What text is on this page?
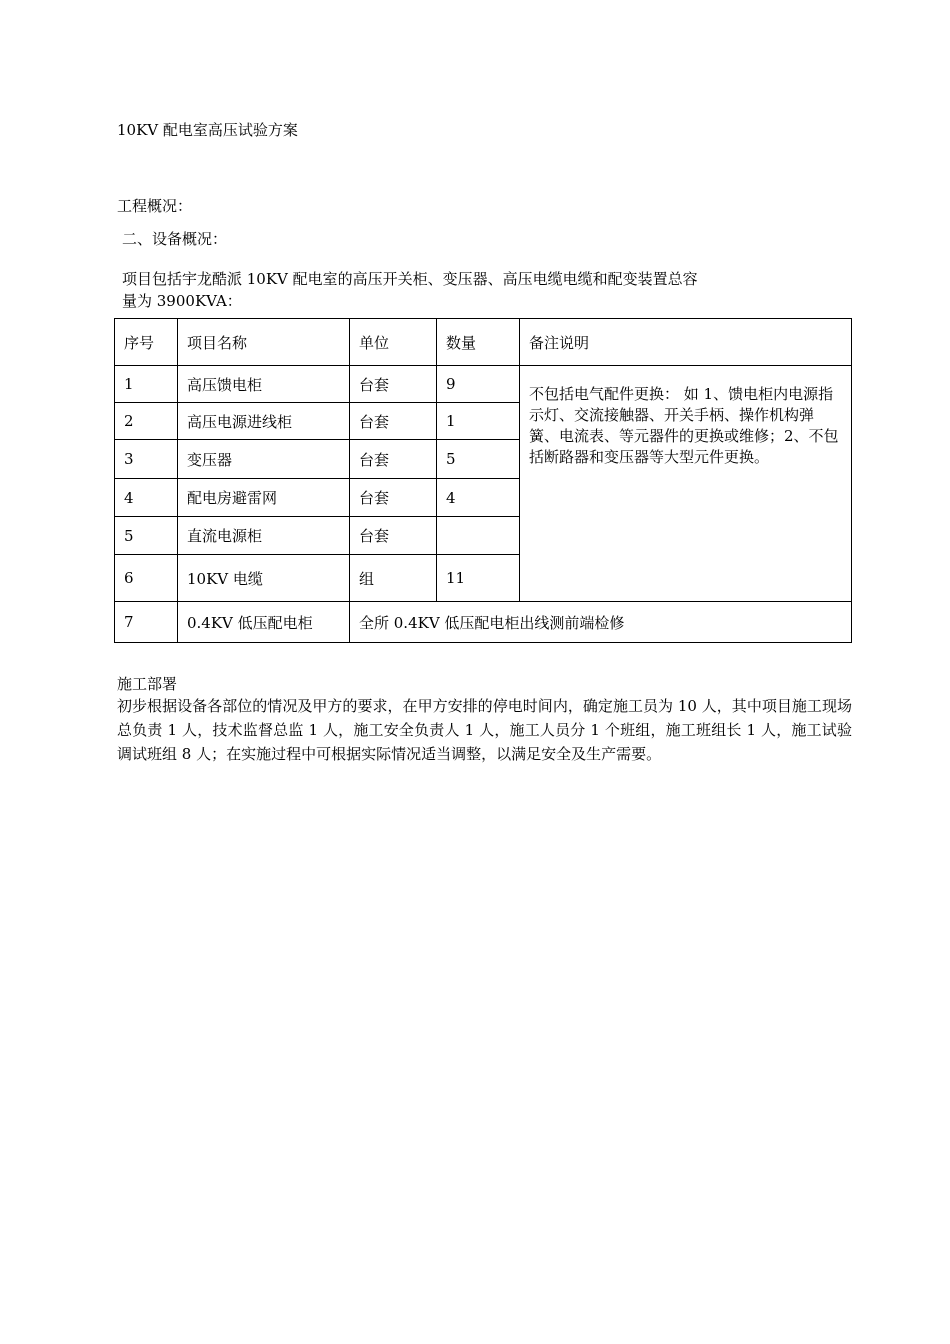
10KV 配电室高压试验方案
工程概况：
二、设备概况：
项目包括宇龙酷派 10KV 配电室的高压开关柜、变压器、高压电缆电缆和配变装置总容
量为 3900KVA：
序号	项目名称	单位	数量	备注说明
1	高压馈电柜	台套	9	不包括电气配件更换： 如 1、馈电柜内电源指示灯、交流接触器、开关手柄、操作机构弹簧、电流表、等元器件的更换或维修；2、不包括断路器和变压器等大型元件更换。
2	高压电源进线柜	台套	1	
3	变压器	台套	5	
4	配电房避雷网	台套	4	
5	直流电源柜	台套		
6	10KV 电缆	组	11	
7	0.4KV 低压配电柜	全所 0.4KV 低压配电柜出线测前端检修		
施工部署
初步根据设备各部位的情况及甲方的要求，在甲方安排的停电时间内，确定施工员为 10 人，其中项目施工现场总负责 1 人，技术监督总监 1 人，施工安全负责人 1 人，施工人员分 1 个班组，施工班组长 1 人，施工试验调试班组 8 人；在实施过程中可根据实际情况适当调整，以满足安全及生产需要。
